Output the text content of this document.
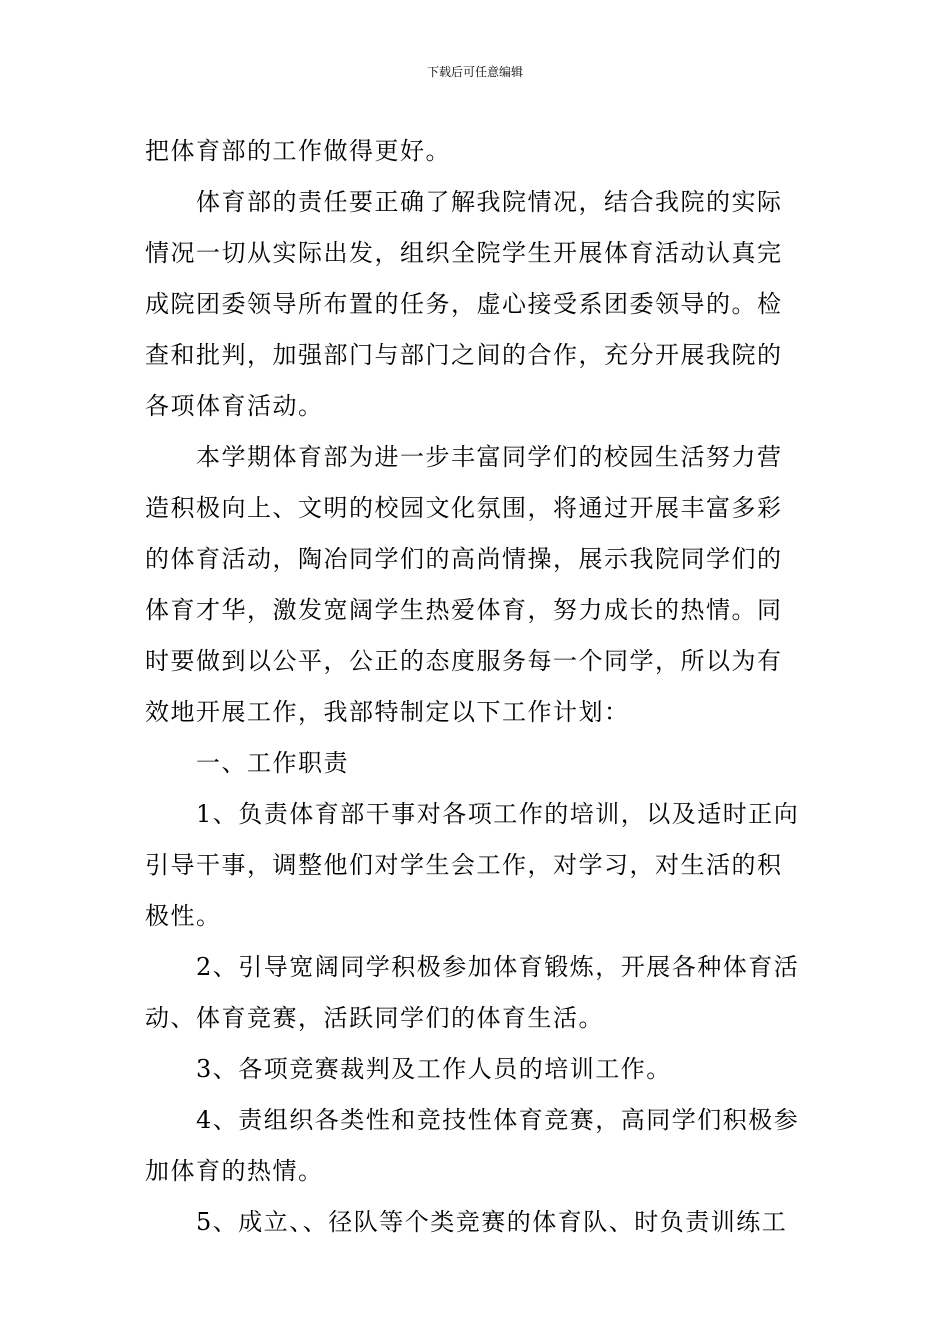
下载后可任意编辑
把体育部的工作做得更好。
体育部的责任要正确了解我院情况，结合我院的实际
情况一切从实际出发，组织全院学生开展体育活动认真完
成院团委领导所布置的任务，虚心接受系团委领导的。检
查和批判，加强部门与部门之间的合作，充分开展我院的
各项体育活动。
本学期体育部为进一步丰富同学们的校园生活努力营
造积极向上、文明的校园文化氛围，将通过开展丰富多彩
的体育活动，陶冶同学们的高尚情操，展示我院同学们的
体育才华，激发宽阔学生热爱体育，努力成长的热情。同
时要做到以公平，公正的态度服务每一个同学，所以为有
效地开展工作，我部特制定以下工作计划：
一、工作职责
1、负责体育部干事对各项工作的培训，以及适时正向
引导干事，调整他们对学生会工作，对学习，对生活的积
极性。
2、引导宽阔同学积极参加体育锻炼，开展各种体育活
动、体育竞赛，活跃同学们的体育生活。
3、各项竞赛裁判及工作人员的培训工作。
4、责组织各类性和竞技性体育竞赛，高同学们积极参
加体育的热情。
5、成立、、径队等个类竞赛的体育队、时负责训练工
